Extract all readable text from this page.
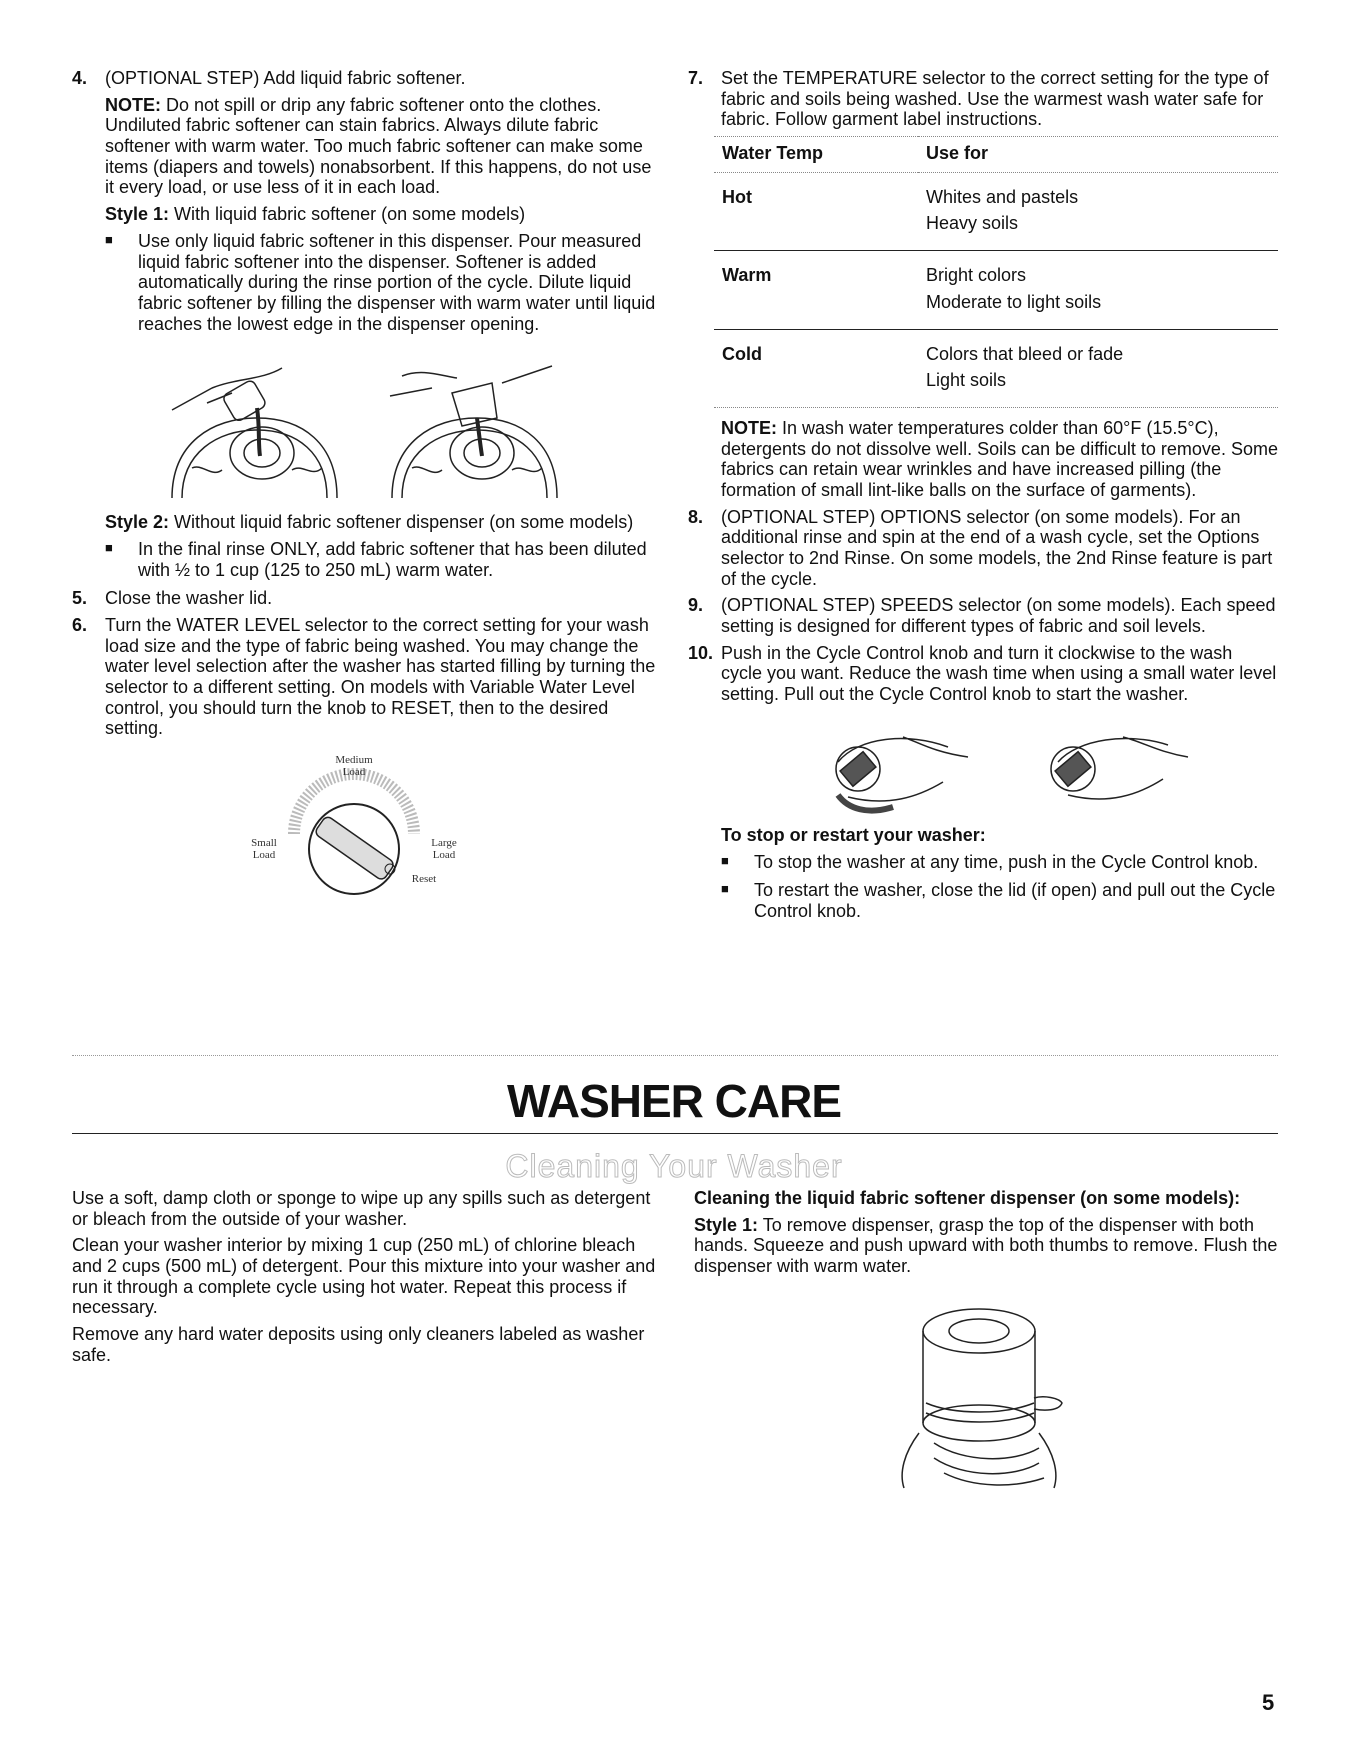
4. (OPTIONAL STEP) Add liquid fabric softener.

NOTE: Do not spill or drip any fabric softener onto the clothes. Undiluted fabric softener can stain fabrics. Always dilute fabric softener with warm water. Too much fabric softener can make some items (diapers and towels) nonabsorbent. If this happens, do not use it every load, or use less of it in each load.

Style 1: With liquid fabric softener (on some models)

■	Use only liquid fabric softener in this dispenser. Pour measured liquid fabric softener into the dispenser. Softener is added automatically during the rinse portion of the cycle. Dilute liquid fabric softener by filling the dispenser with warm water until liquid reaches the lowest edge in the dispenser opening.

Style 2: Without liquid fabric softener dispenser (on some models)

■	In the final rinse ONLY, add fabric softener that has been diluted with ½ to 1 cup (125 to 250 mL) warm water.
5. Close the washer lid.
6. Turn the WATER LEVEL selector to the correct setting for your wash load size and the type of fabric being washed. You may change the water level selection after the washer has started filling by turning the selector to a different setting. On models with Variable Water Level control, you should turn the knob to RESET, then to the desired setting.
Medium
Load
Small
Load
Large
Load
Reset
7. Set the TEMPERATURE selector to the correct setting for the type of fabric and soils being washed. Use the warmest wash water safe for fabric. Follow garment label instructions.
Water Temp	Use for
Hot	Whites and pastels
Heavy soils

Warm	Bright colors
Moderate to light soils

Cold	Colors that bleed or fade
Light soils

NOTE: In wash water temperatures colder than 60°F (15.5°C), detergents do not dissolve well. Soils can be difficult to remove. Some fabrics can retain wear wrinkles and have increased pilling (the formation of small lint-like balls on the surface of garments).

8. (OPTIONAL STEP) OPTIONS selector (on some models). For an additional rinse and spin at the end of a wash cycle, set the Options selector to 2nd Rinse. On some models, the 2nd Rinse feature is part of the cycle.
9. (OPTIONAL STEP) SPEEDS selector (on some models). Each speed setting is designed for different types of fabric and soil levels.
10. Push in the Cycle Control knob and turn it clockwise to the wash cycle you want. Reduce the wash time when using a small water level setting. Pull out the Cycle Control knob to start the washer.

To stop or restart your washer:

■	To stop the washer at any time, push in the Cycle Control knob.
■	To restart the washer, close the lid (if open) and pull out the Cycle Control knob.
WASHER CARE
Cleaning Your Washer

Use a soft, damp cloth or sponge to wipe up any spills such as detergent or bleach from the outside of your washer.

Clean your washer interior by mixing 1 cup (250 mL) of chlorine bleach and 2 cups (500 mL) of detergent. Pour this mixture into your washer and run it through a complete cycle using hot water. Repeat this process if necessary.

Remove any hard water deposits using only cleaners labeled as washer safe.

Cleaning the liquid fabric softener dispenser (on some models):

Style 1: To remove dispenser, grasp the top of the dispenser with both hands. Squeeze and push upward with both thumbs to remove. Flush the dispenser with warm water.

5
